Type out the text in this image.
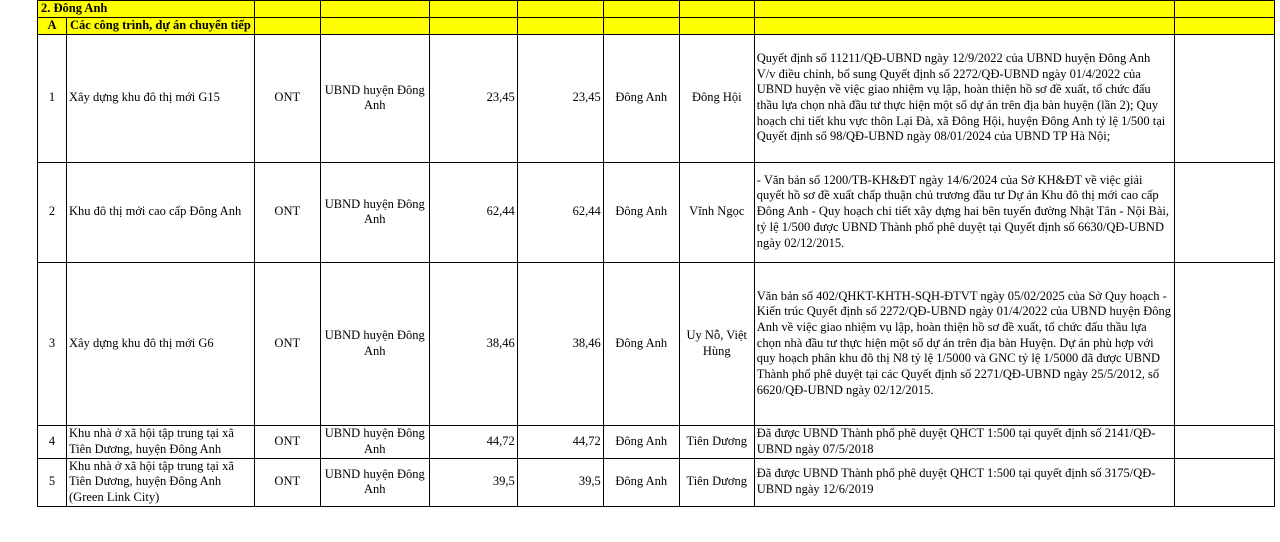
2. Đông Anh									
A	Các công trình, dự án chuyển tiếp								
1	Xây dựng khu đô thị mới G15	ONT	UBND huyện Đông Anh	23,45	23,45	Đông Anh	Đông Hội	Quyết định số 11211/QĐ-UBND ngày 12/9/2022 của UBND huyện Đông Anh V/v điều chỉnh, bổ sung Quyết định số 2272/QĐ-UBND ngày 01/4/2022 của UBND huyện về việc giao nhiệm vụ lập, hoàn thiện hồ sơ đề xuất, tổ chức đấu thầu lựa chọn nhà đầu tư thực hiện một số dự án trên địa bàn huyện (lần 2); Quy hoạch chi tiết khu vực thôn Lại Đà, xã Đông Hội, huyện Đông Anh tỷ lệ 1/500 tại Quyết định số 98/QĐ-UBND ngày 08/01/2024 của UBND TP Hà Nội;	
2	Khu đô thị mới cao cấp Đông Anh	ONT	UBND huyện Đông Anh	62,44	62,44	Đông Anh	Vĩnh Ngọc	- Văn bản số 1200/TB-KH&ĐT ngày 14/6/2024 của Sở KH&ĐT về việc giải quyết hồ sơ đề xuất chấp thuận chủ trương đầu tư Dự án Khu đô thị mới cao cấp Đông Anh - Quy hoạch chi tiết xây dựng hai bên tuyến đường Nhật Tân - Nội Bài, tỷ lệ 1/500 được UBND Thành phố phê duyệt tại Quyết định số 6630/QĐ-UBND ngày 02/12/2015.	
3	Xây dựng khu đô thị mới G6	ONT	UBND huyện Đông Anh	38,46	38,46	Đông Anh	Uy Nỗ, Việt Hùng	Văn bản số 402/QHKT-KHTH-SQH-ĐTVT ngày 05/02/2025 của Sở Quy hoạch - Kiến trúc Quyết định số 2272/QĐ-UBND ngày 01/4/2022 của UBND huyện Đông Anh về việc giao nhiệm vụ lập, hoàn thiện hồ sơ đề xuất, tổ chức đấu thầu lựa chọn nhà đầu tư thực hiện một số dự án trên địa bàn Huyện. Dự án phù hợp với quy hoạch phân khu đô thị N8 tỷ lệ 1/5000 và GNC tỷ lệ 1/5000 đã được UBND Thành phố phê duyệt tại các Quyết định số 2271/QĐ-UBND ngày 25/5/2012, số 6620/QĐ-UBND ngày 02/12/2015.	
4	Khu nhà ở xã hội tập trung tại xã Tiên Dương, huyện Đông Anh	ONT	UBND huyện Đông Anh	44,72	44,72	Đông Anh	Tiên Dương	Đã được UBND Thành phố phê duyệt QHCT 1:500 tại quyết định số 2141/QĐ-UBND ngày 07/5/2018	
5	Khu nhà ở xã hội tập trung tại xã Tiên Dương, huyện Đông Anh (Green Link City)	ONT	UBND huyện Đông Anh	39,5	39,5	Đông Anh	Tiên Dương	Đã được UBND Thành phố phê duyệt QHCT 1:500 tại quyết định số 3175/QĐ-UBND ngày 12/6/2019	
